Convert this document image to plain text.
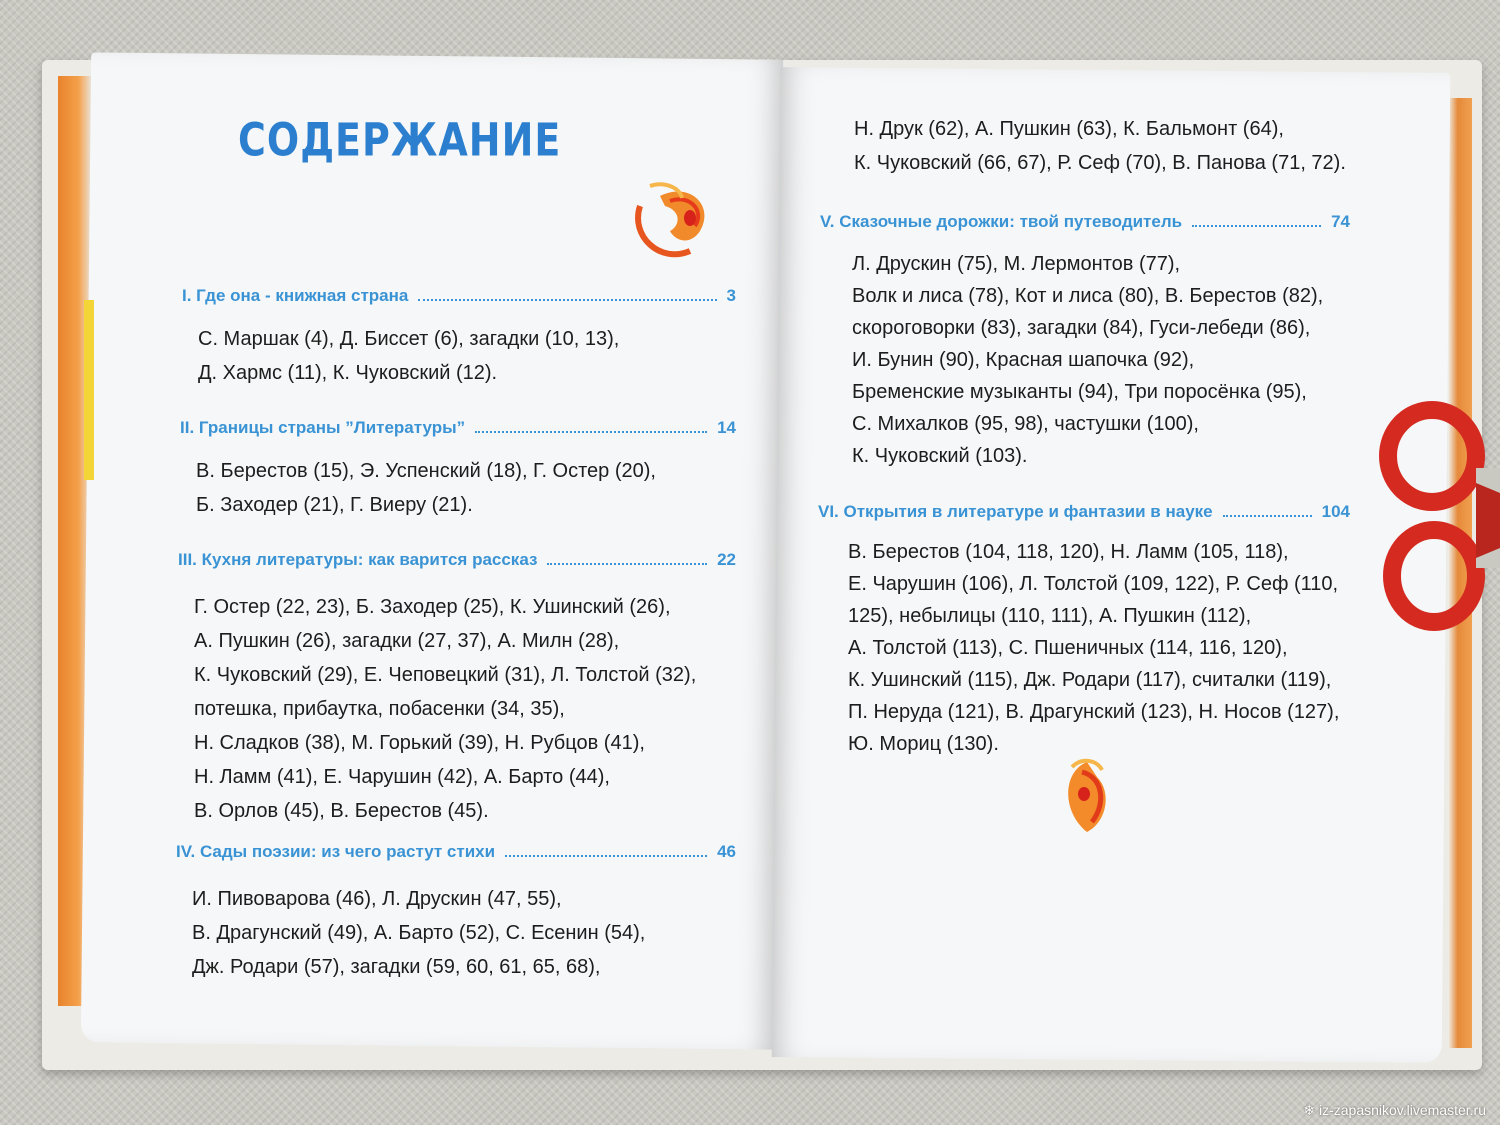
СОДЕРЖАНИЕ
I. Где она - книжная страна	3
С. Маршак (4), Д. Биссет (6), загадки (10, 13),
Д. Хармс (11), К. Чуковский (12).
II. Границы страны ”Литературы”	14
В. Берестов (15), Э. Успенский (18), Г. Остер (20),
Б. Заходер (21), Г. Виеру (21).
III. Кухня литературы: как варится рассказ	22
Г. Остер (22, 23), Б. Заходер (25), К. Ушинский (26),
А. Пушкин (26), загадки (27, 37), А. Милн (28),
К. Чуковский (29), Е. Чеповецкий (31), Л. Толстой (32),
потешка, прибаутка, побасенки (34, 35),
Н. Сладков (38), М. Горький (39), Н. Рубцов (41),
Н. Ламм (41), Е. Чарушин (42), А. Барто (44),
В. Орлов (45), В. Берестов (45).
IV. Сады поэзии: из чего растут стихи	46
И. Пивоварова (46), Л. Друскин (47, 55),
В. Драгунский (49), А. Барто (52), С. Есенин (54),
Дж. Родари (57), загадки (59, 60, 61, 65, 68),
Н. Друк (62), А. Пушкин (63), К. Бальмонт (64),
К. Чуковский (66, 67), Р. Сеф (70), В. Панова (71, 72).
V. Сказочные дорожки: твой путеводитель	74
Л. Друскин (75), М. Лермонтов (77),
Волк и лиса (78), Кот и лиса (80), В. Берестов (82),
скороговорки (83), загадки (84), Гуси-лебеди (86),
И. Бунин (90), Красная шапочка (92),
Бременские музыканты (94), Три поросёнка (95),
С. Михалков (95, 98), частушки (100),
К. Чуковский (103).
VI. Открытия в литературе и фантазии в науке	104
В. Берестов (104, 118, 120), Н. Ламм (105, 118),
Е. Чарушин (106), Л. Толстой (109, 122), Р. Сеф (110,
125), небылицы (110, 111), А. Пушкин (112),
А. Толстой (113), С. Пшеничных (114, 116, 120),
К. Ушинский (115), Дж. Родари (117), считалки (119),
П. Неруда (121), В. Драгунский (123), Н. Носов (127),
Ю. Мориц (130).
❄ iz-zapasnikov.livemaster.ru
